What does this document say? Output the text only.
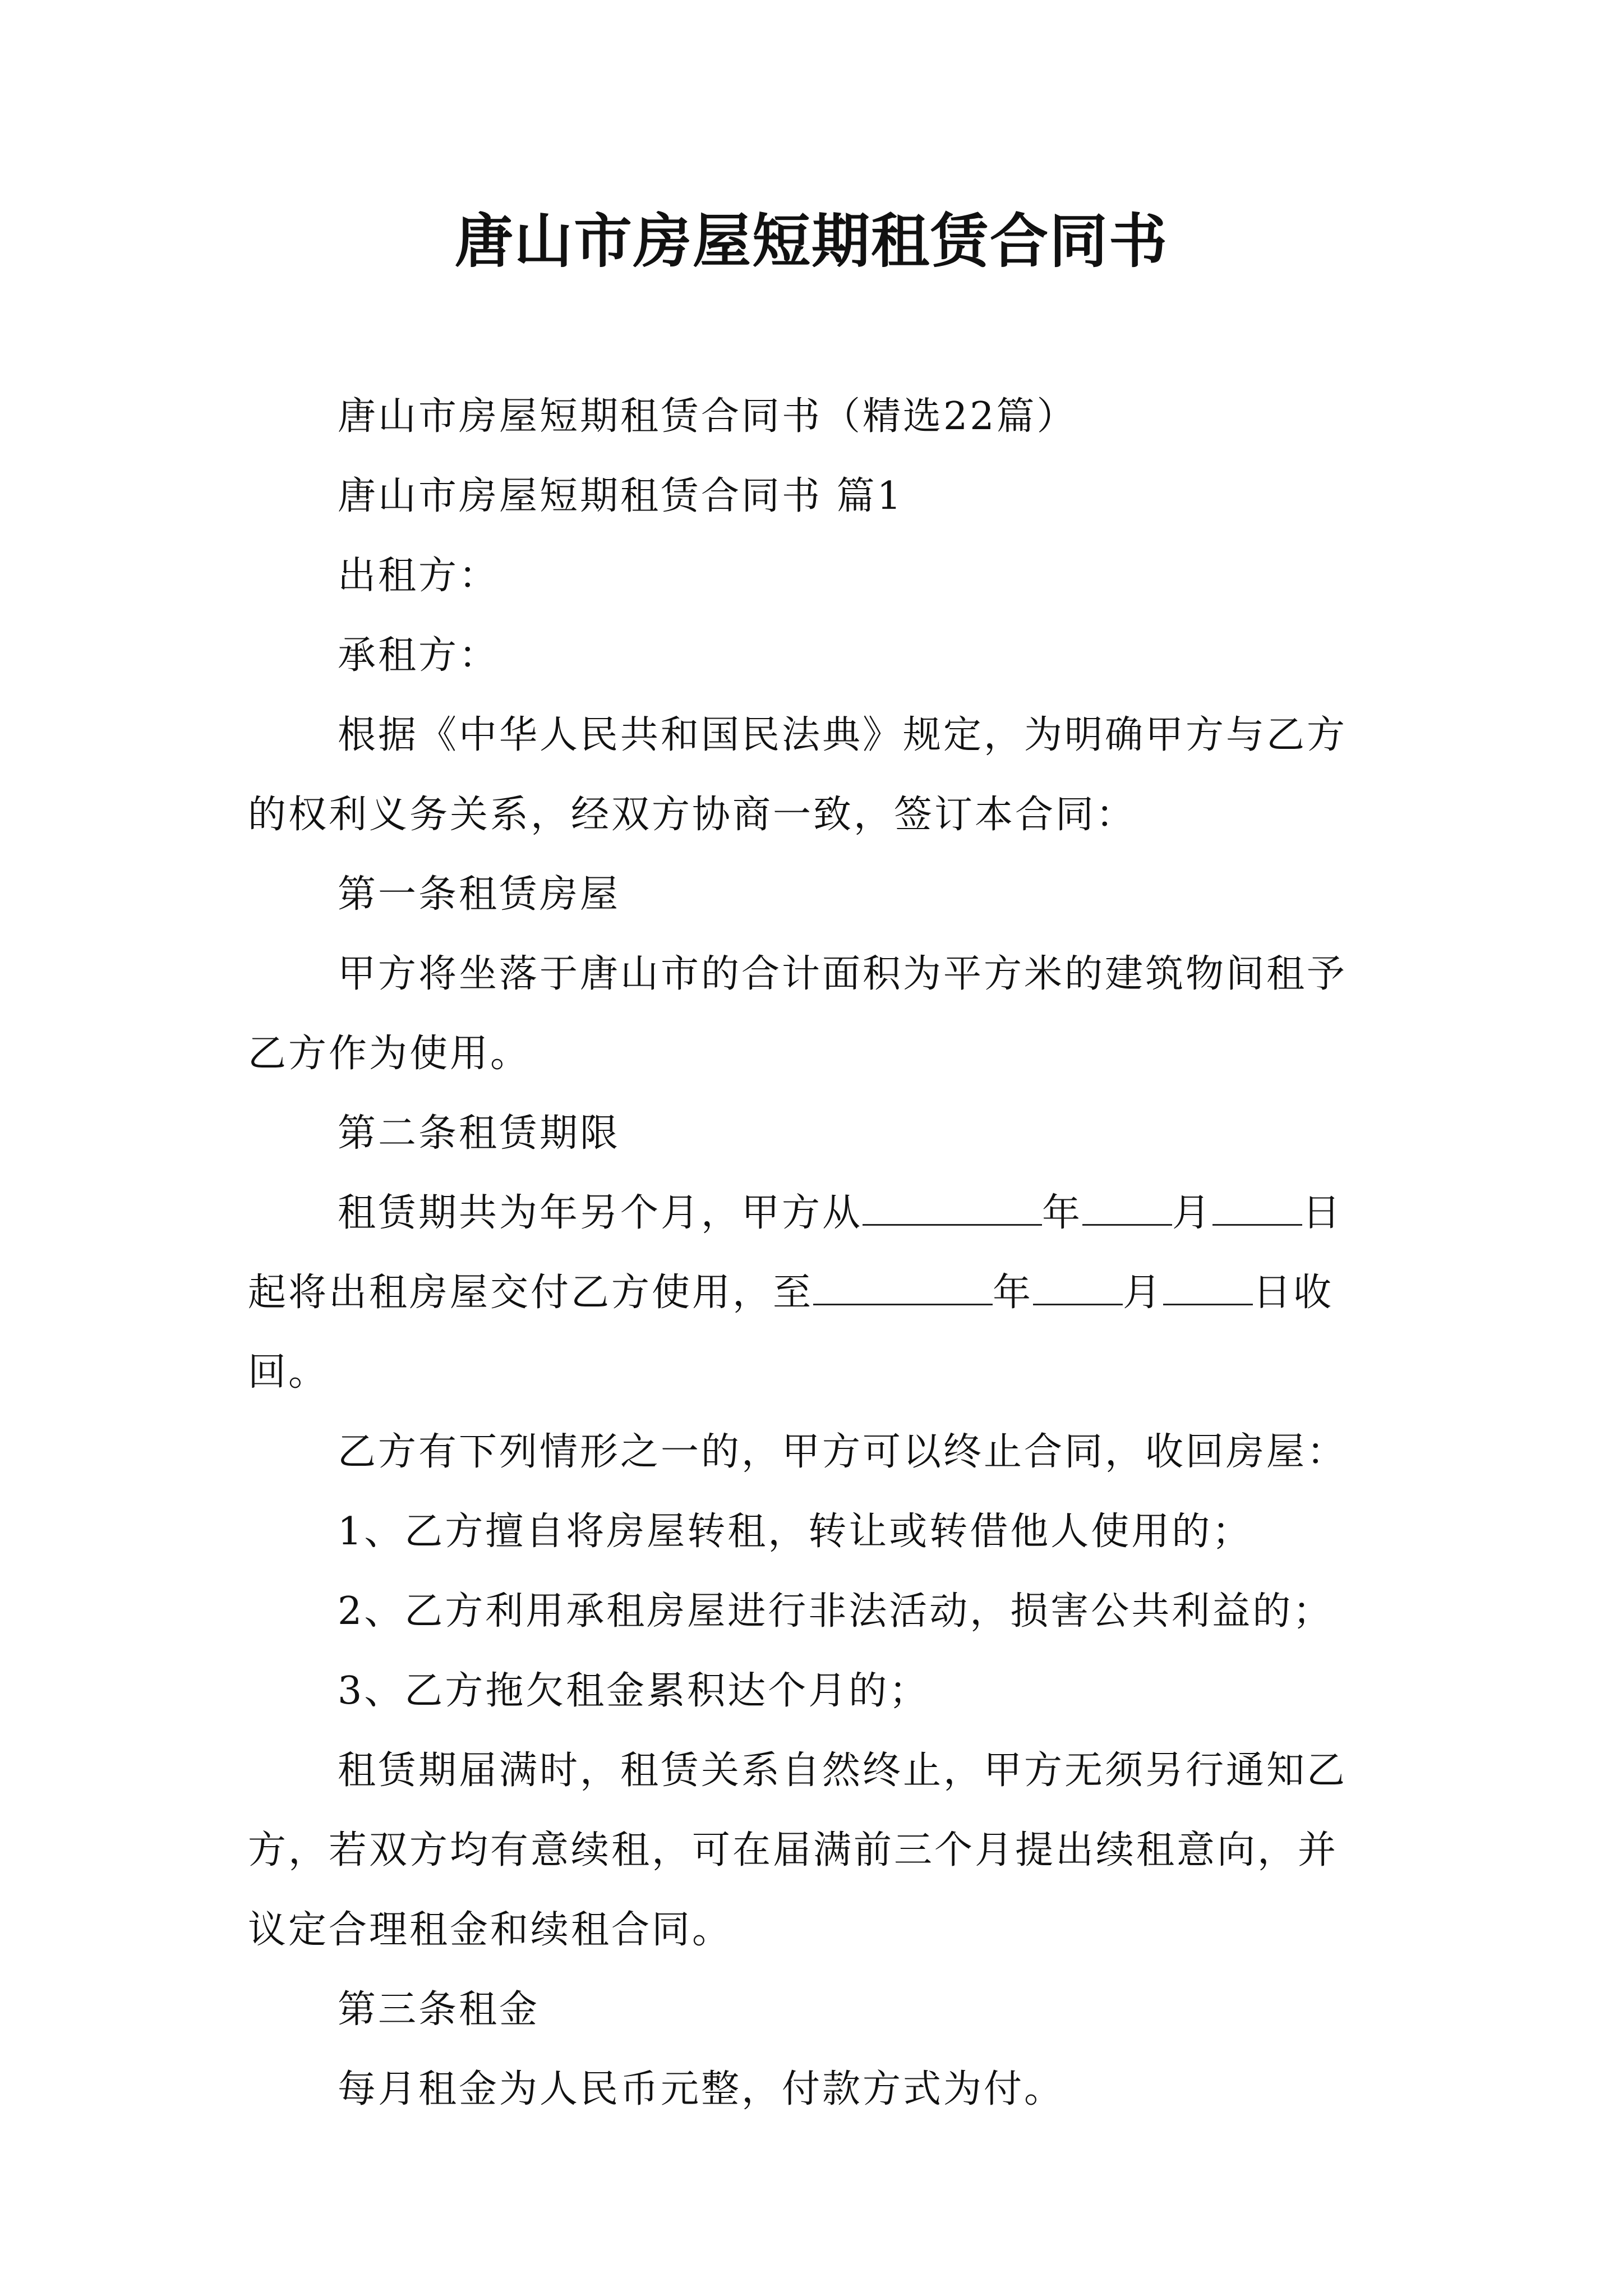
唐山市房屋短期租赁合同书

唐山市房屋短期租赁合同书（精选22篇）

唐山市房屋短期租赁合同书 篇1

出租方：

承租方：

根据《中华人民共和国民法典》规定，为明确甲方与乙方的权利义务关系，经双方协商一致，签订本合同：

第一条租赁房屋

甲方将坐落于唐山市的合计面积为平方米的建筑物间租予乙方作为使用。

第二条租赁期限

租赁期共为年另个月，甲方从	年 月 日起将出租房屋交付乙方使用，至	年 月 日收回。

乙方有下列情形之一的，甲方可以终止合同，收回房屋：

1、乙方擅自将房屋转租，转让或转借他人使用的；

2、乙方利用承租房屋进行非法活动，损害公共利益的；

3、乙方拖欠租金累积达个月的；

租赁期届满时，租赁关系自然终止，甲方无须另行通知乙方，若双方均有意续租，可在届满前三个月提出续租意向，并议定合理租金和续租合同。

第三条租金

每月租金为人民币元整，付款方式为付。
